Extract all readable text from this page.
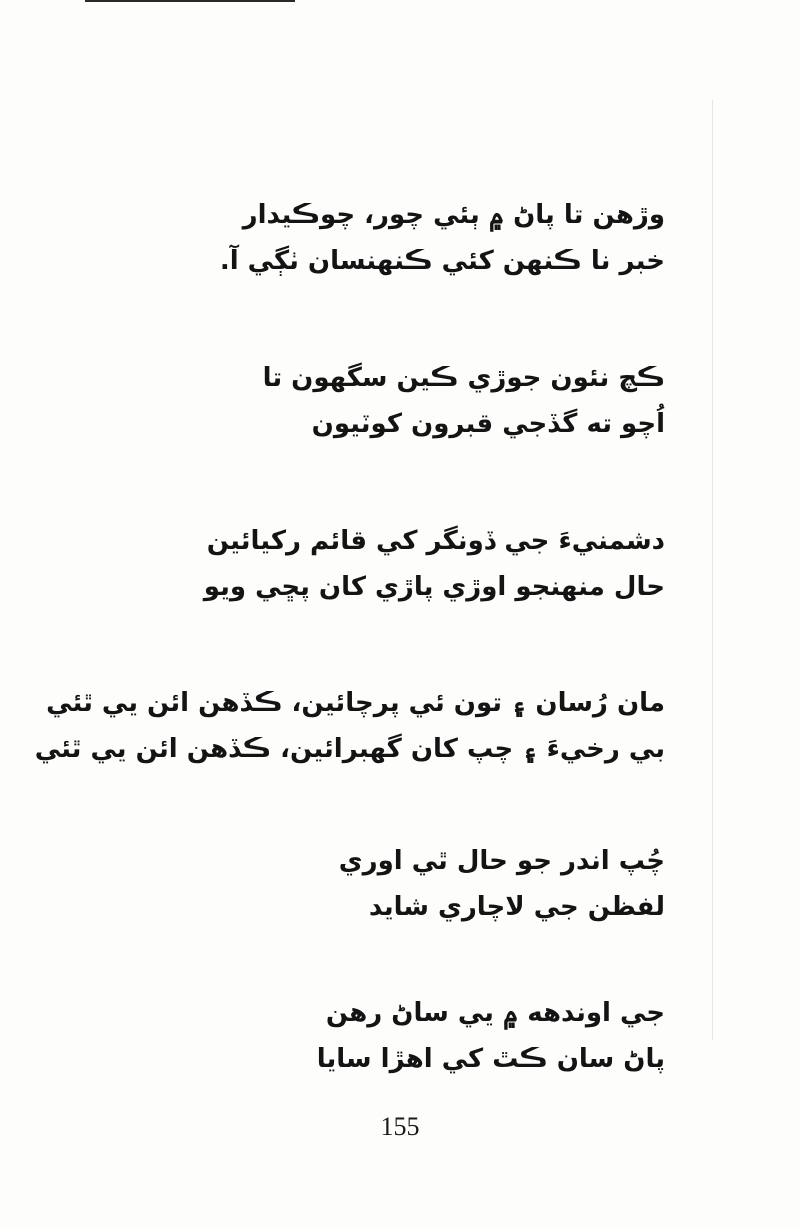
وڙهن تا پاڻ ۾ ٻئي چور، چوڪيدار
خبر نا ڪنهن کئي ڪنهنسان ٺڳي آ.
ڪچ نئون جوڙي ڪين سگهون تا
اُچو ته گڏجي قبرون کوٽيون
دشمنيءَ جي ڏونگر کي قائم رکيائين
حال منهنجو اوڙي پاڙي کان پڇي ويو
مان رُسان ۽ تون ئي پرچائين، ڪڏهن ائن يي ٿئي
بي رخيءَ ۽ چپ کان گهبرائين، ڪڏهن ائن يي ٿئي
چُپ اندر جو حال ٿي اوري
لفظن جي لاچاري شايد
جي اوندهه ۾ يي ساڻ رهن
پاڻ سان ڪٿ کي اهڙا سايا
155
